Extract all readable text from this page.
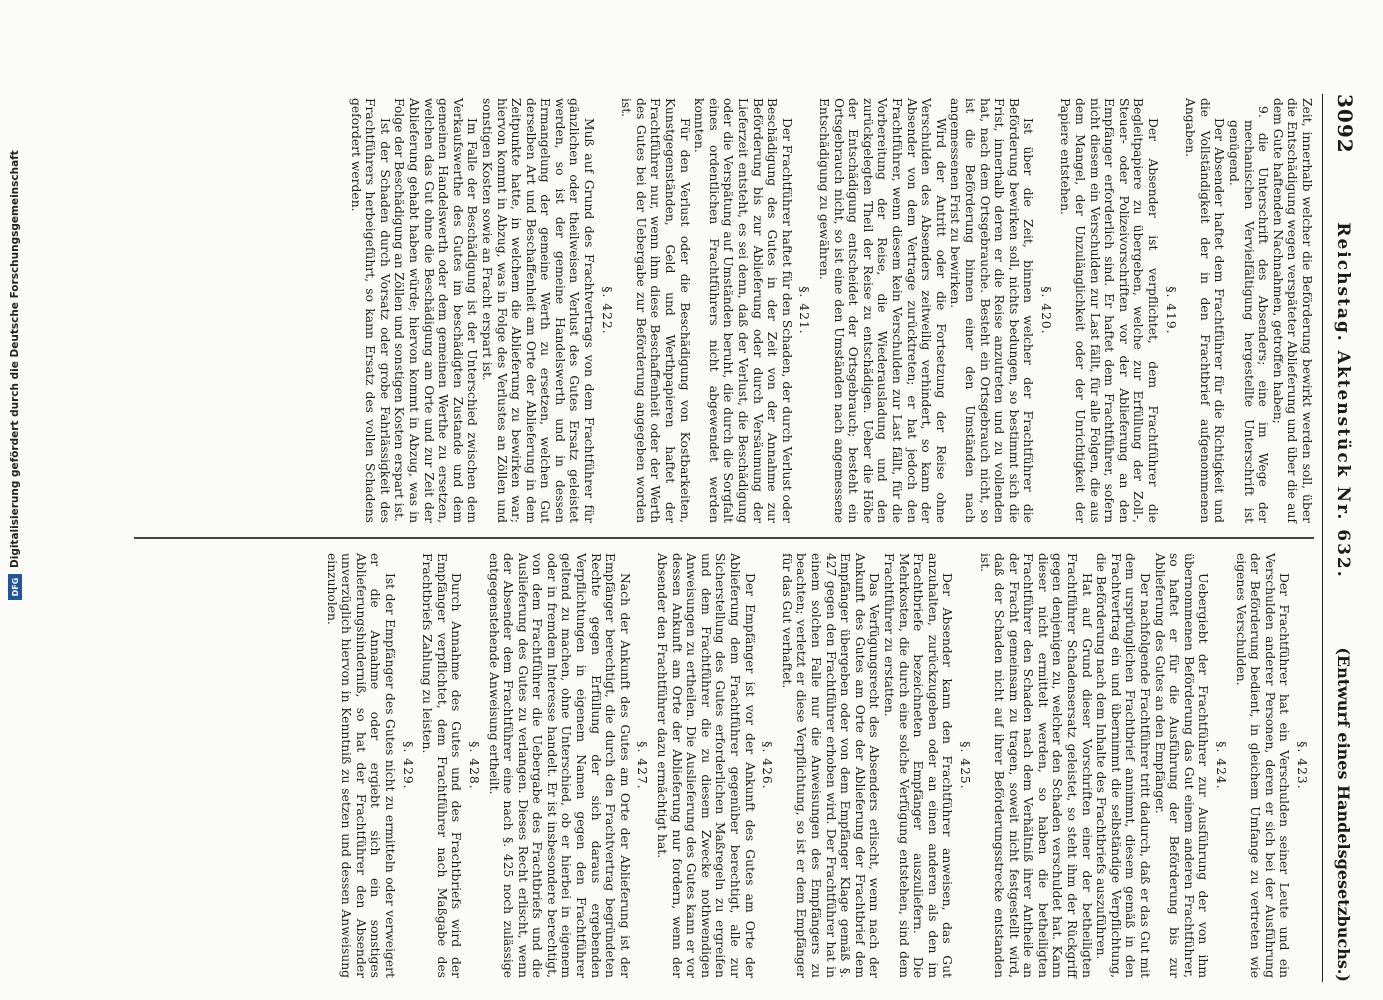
3092
Reichstag. Aktenstück Nr. 632.
(Entwurf eines Handelsgesetzbuchs.)

Zeit, innerhalb welcher die Beförderung bewirkt werden soll, über die Entschädigung wegen verspäteter Ablieferung und über die auf dem Gute haftenden Nachnahmen, getroffen haben;

9. die Unterschrift des Absenders; eine im Wege der mechanischen Vervielfältigung hergestellte Unterschrift ist genügend.

Der Absender haftet dem Frachtführer für die Richtigkeit und die Vollständigkeit der in den Frachtbrief aufgenommenen Angaben.

§. 419.

Der Absender ist verpflichtet, dem Frachtführer die Begleitpapiere zu übergeben, welche zur Erfüllung der Zoll-, Steuer- oder Polizeivorschriften vor der Ablieferung an den Empfänger erforderlich sind. Er haftet dem Frachtführer, sofern nicht diesem ein Verschulden zur Last fällt, für alle Folgen, die aus dem Mangel, der Unzulänglichkeit oder der Unrichtigkeit der Papiere entstehen.

§. 420.

Ist über die Zeit, binnen welcher der Frachtführer die Beförderung bewirken soll, nichts bedungen, so bestimmt sich die Frist, innerhalb deren er die Reise anzutreten und zu vollenden hat, nach dem Ortsgebrauche. Besteht ein Ortsgebrauch nicht, so ist die Beförderung binnen einer den Umständen nach angemessenen Frist zu bewirken.

Wird der Antritt oder die Fortsetzung der Reise ohne Verschulden des Absenders zeitweilig verhindert, so kann der Absender von dem Vertrage zurücktreten; er hat jedoch den Frachtführer, wenn diesem kein Verschulden zur Last fällt, für die Vorbereitung der Reise, die Wiederausladung und den zurückgelegten Theil der Reise zu entschädigen. Ueber die Höhe der Entschädigung entscheidet der Ortsgebrauch; besteht ein Ortsgebrauch nicht, so ist eine den Umständen nach angemessene Entschädigung zu gewähren.

§. 421.

Der Frachtführer haftet für den Schaden, der durch Verlust oder Beschädigung des Gutes in der Zeit von der Annahme zur Beförderung bis zur Ablieferung oder durch Versäumung der Lieferzeit entsteht, es sei denn, daß der Verlust, die Beschädigung oder die Verspätung auf Umständen beruht, die durch die Sorgfalt eines ordentlichen Frachtführers nicht abgewendet werden konnten.

Für den Verlust oder die Beschädigung von Kostbarkeiten, Kunstgegenständen, Geld und Werthpapieren haftet der Frachtführer nur, wenn ihm diese Beschaffenheit oder der Werth des Gutes bei der Uebergabe zur Beförderung angegeben worden ist.

§. 422.

Muß auf Grund des Frachtvertrags von dem Frachtführer für gänzlichen oder theilweisen Verlust des Gutes Ersatz geleistet werden, so ist der gemeine Handelswerth und in dessen Ermangelung der gemeine Werth zu ersetzen, welchen Gut derselben Art und Beschaffenheit am Orte der Ablieferung in dem Zeitpunkte hatte, in welchem die Ablieferung zu bewirken war; hiervon kommt in Abzug, was in Folge des Verlustes an Zöllen und sonstigen Kosten sowie an Fracht erspart ist.

Im Falle der Beschädigung ist der Unterschied zwischen dem Verkaufswerthe des Gutes im beschädigten Zustande und dem gemeinen Handelswerth oder dem gemeinen Werthe zu ersetzen, welchen das Gut ohne die Beschädigung am Orte und zur Zeit der Ablieferung gehabt haben würde; hiervon kommt in Abzug, was in Folge der Beschädigung an Zöllen und sonstigen Kosten erspart ist.

Ist der Schaden durch Vorsatz oder grobe Fahrlässigkeit des Frachtführers herbeigeführt, so kann Ersatz des vollen Schadens gefordert werden.

§. 423.

Der Frachtführer hat ein Verschulden seiner Leute und ein Verschulden anderer Personen, deren er sich bei der Ausführung der Beförderung bedient, in gleichem Umfange zu vertreten wie eigenes Verschulden.

§. 424.

Uebergiebt der Frachtführer zur Ausführung der von ihm übernommenen Beförderung das Gut einem anderen Frachtführer, so haftet er für die Ausführung der Beförderung bis zur Ablieferung des Gutes an den Empfänger.

Der nachfolgende Frachtführer tritt dadurch, daß er das Gut mit dem ursprünglichen Frachtbrief annimmt, diesem gemäß in den Frachtvertrag ein und übernimmt die selbständige Verpflichtung, die Beförderung nach dem Inhalte des Frachtbriefs auszuführen.

Hat auf Grund dieser Vorschriften einer der betheiligten Frachtführer Schadensersatz geleistet, so steht ihm der Rückgriff gegen denjenigen zu, welcher den Schaden verschuldet hat. Kann dieser nicht ermittelt werden, so haben die betheiligten Frachtführer den Schaden nach dem Verhältniß ihrer Antheile an der Fracht gemeinsam zu tragen, soweit nicht festgestellt wird, daß der Schaden nicht auf ihrer Beförderungsstrecke entstanden ist.

§. 425.

Der Absender kann den Frachtführer anweisen, das Gut anzuhalten, zurückzugeben oder an einen anderen als den im Frachtbriefe bezeichneten Empfänger auszuliefern. Die Mehrkosten, die durch eine solche Verfügung entstehen, sind dem Frachtführer zu erstatten.

Das Verfügungsrecht des Absenders erlischt, wenn nach der Ankunft des Gutes am Orte der Ablieferung der Frachtbrief dem Empfänger übergeben oder von dem Empfänger Klage gemäß §. 427 gegen den Frachtführer erhoben wird. Der Frachtführer hat in einem solchen Falle nur die Anweisungen des Empfängers zu beachten; verletzt er diese Verpflichtung, so ist er dem Empfänger für das Gut verhaftet.

§. 426.

Der Empfänger ist vor der Ankunft des Gutes am Orte der Ablieferung dem Frachtführer gegenüber berechtigt, alle zur Sicherstellung des Gutes erforderlichen Maßregeln zu ergreifen und dem Frachtführer die zu diesem Zwecke nothwendigen Anweisungen zu ertheilen. Die Auslieferung des Gutes kann er vor dessen Ankunft am Orte der Ablieferung nur fordern, wenn der Absender den Frachtführer dazu ermächtigt hat.

§. 427.

Nach der Ankunft des Gutes am Orte der Ablieferung ist der Empfänger berechtigt, die durch den Frachtvertrag begründeten Rechte gegen Erfüllung der sich daraus ergebenden Verpflichtungen in eigenem Namen gegen den Frachtführer geltend zu machen, ohne Unterschied, ob er hierbei in eigenem oder in fremdem Interesse handelt. Er ist insbesondere berechtigt, von dem Frachtführer die Uebergabe des Frachtbriefs und die Auslieferung des Gutes zu verlangen. Dieses Recht erlischt, wenn der Absender dem Frachtführer eine nach §. 425 noch zulässige entgegenstehende Anweisung ertheilt.

§. 428.

Durch Annahme des Gutes und des Frachtbriefs wird der Empfänger verpflichtet, dem Frachtführer nach Maßgabe des Frachtbriefs Zahlung zu leisten.

§. 429.

Ist der Empfänger des Gutes nicht zu ermitteln oder verweigert er die Annahme oder ergiebt sich ein sonstiges Ablieferungshinderniß, so hat der Frachtführer den Absender unverzüglich hiervon in Kenntniß zu setzen und dessen Anweisung einzuholen.

DFG
Digitalisierung gefördert durch die Deutsche Forschungsgemeinschaft
